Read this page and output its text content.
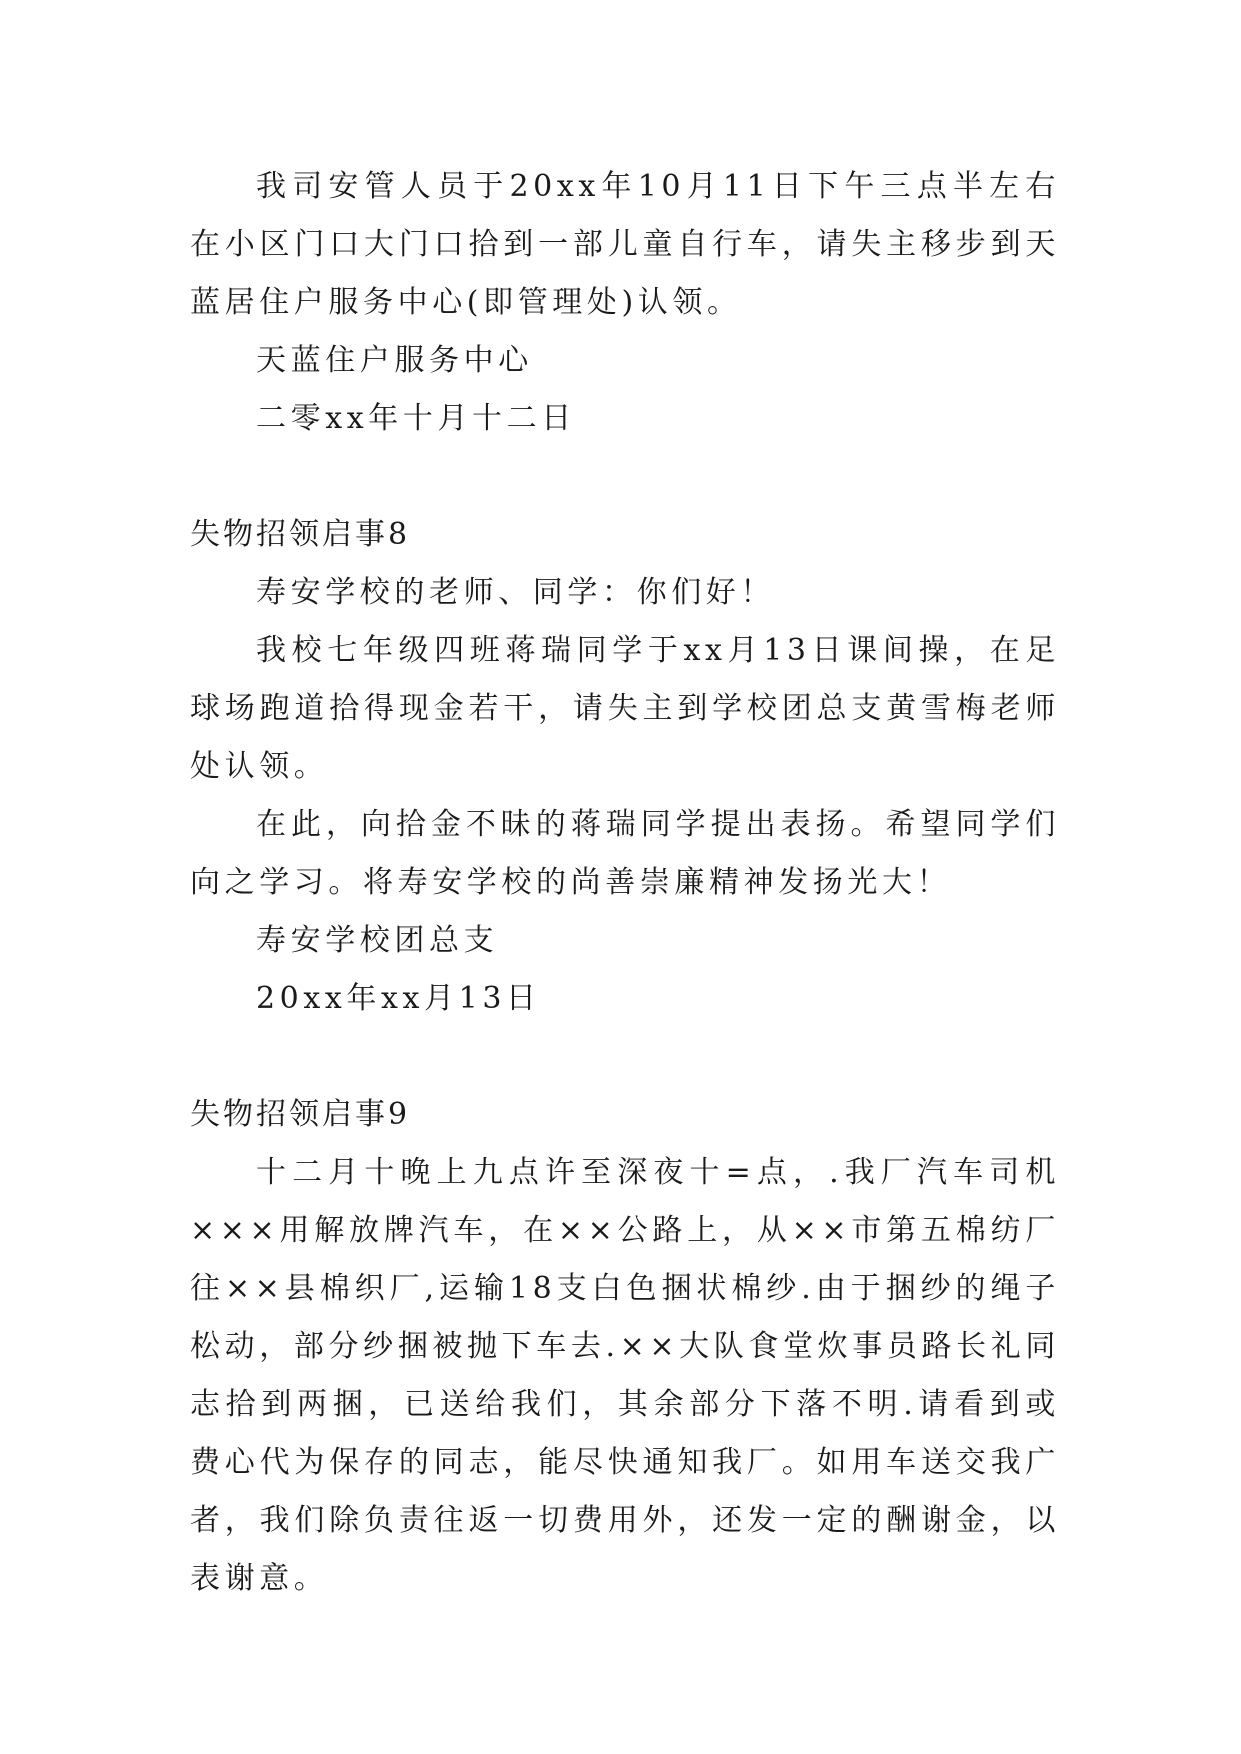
我司安管人员于20xx年10月11日下午三点半左右在小区门口大门口拾到一部儿童自行车，请失主移步到天蓝居住户服务中心(即管理处)认领。

天蓝住户服务中心

二零xx年十月十二日

失物招领启事8

寿安学校的老师、同学：你们好！

我校七年级四班蒋瑞同学于xx月13日课间操，在足球场跑道拾得现金若干，请失主到学校团总支黄雪梅老师处认领。

在此，向拾金不昧的蒋瑞同学提出表扬。希望同学们向之学习。将寿安学校的尚善崇廉精神发扬光大！

寿安学校团总支

20xx年xx月13日

失物招领启事9

十二月十晚上九点许至深夜十=点，.我厂汽车司机×××用解放牌汽车，在××公路上，从××市第五棉纺厂往××县棉织厂,运输18支白色捆状棉纱.由于捆纱的绳子松动，部分纱捆被抛下车去.××大队食堂炊事员路长礼同志拾到两捆，已送给我们，其余部分下落不明.请看到或费心代为保存的同志，能尽快通知我厂。如用车送交我广者，我们除负责往返一切费用外，还发一定的酬谢金，以表谢意。
